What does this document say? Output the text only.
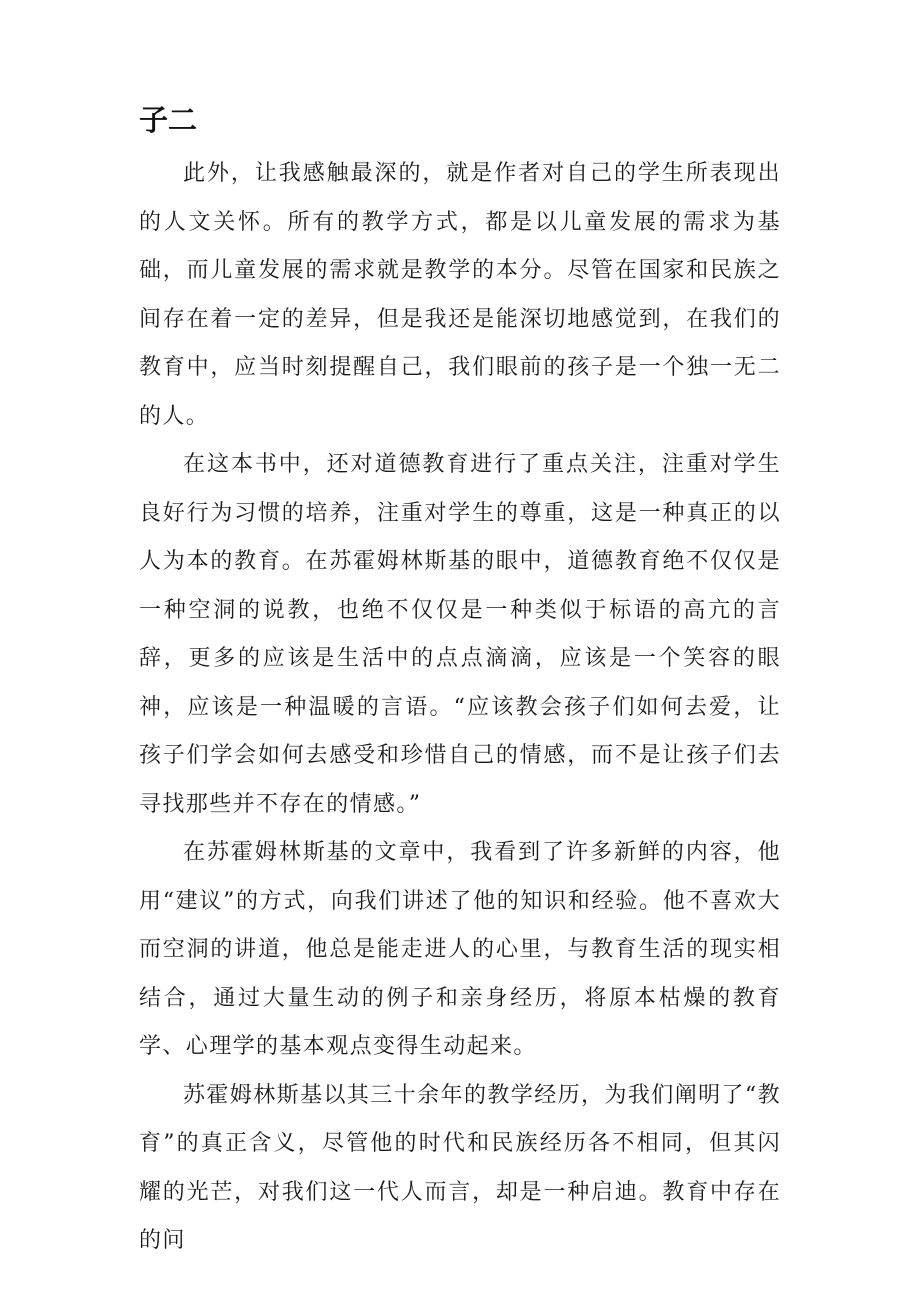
子二

此外，让我感触最深的，就是作者对自己的学生所表现出的人文关怀。所有的教学方式，都是以儿童发展的需求为基础，而儿童发展的需求就是教学的本分。尽管在国家和民族之间存在着一定的差异，但是我还是能深切地感觉到，在我们的教育中，应当时刻提醒自己，我们眼前的孩子是一个独一无二的人。

在这本书中，还对道德教育进行了重点关注，注重对学生良好行为习惯的培养，注重对学生的尊重，这是一种真正的以人为本的教育。在苏霍姆林斯基的眼中，道德教育绝不仅仅是一种空洞的说教，也绝不仅仅是一种类似于标语的高亢的言辞，更多的应该是生活中的点点滴滴，应该是一个笑容的眼神，应该是一种温暖的言语。“应该教会孩子们如何去爱，让孩子们学会如何去感受和珍惜自己的情感，而不是让孩子们去寻找那些并不存在的情感。”

在苏霍姆林斯基的文章中，我看到了许多新鲜的内容，他用“建议”的方式，向我们讲述了他的知识和经验。他不喜欢大而空洞的讲道，他总是能走进人的心里，与教育生活的现实相结合，通过大量生动的例子和亲身经历，将原本枯燥的教育学、心理学的基本观点变得生动起来。

苏霍姆林斯基以其三十余年的教学经历，为我们阐明了“教育”的真正含义，尽管他的时代和民族经历各不相同，但其闪耀的光芒，对我们这一代人而言，却是一种启迪。教育中存在的问
